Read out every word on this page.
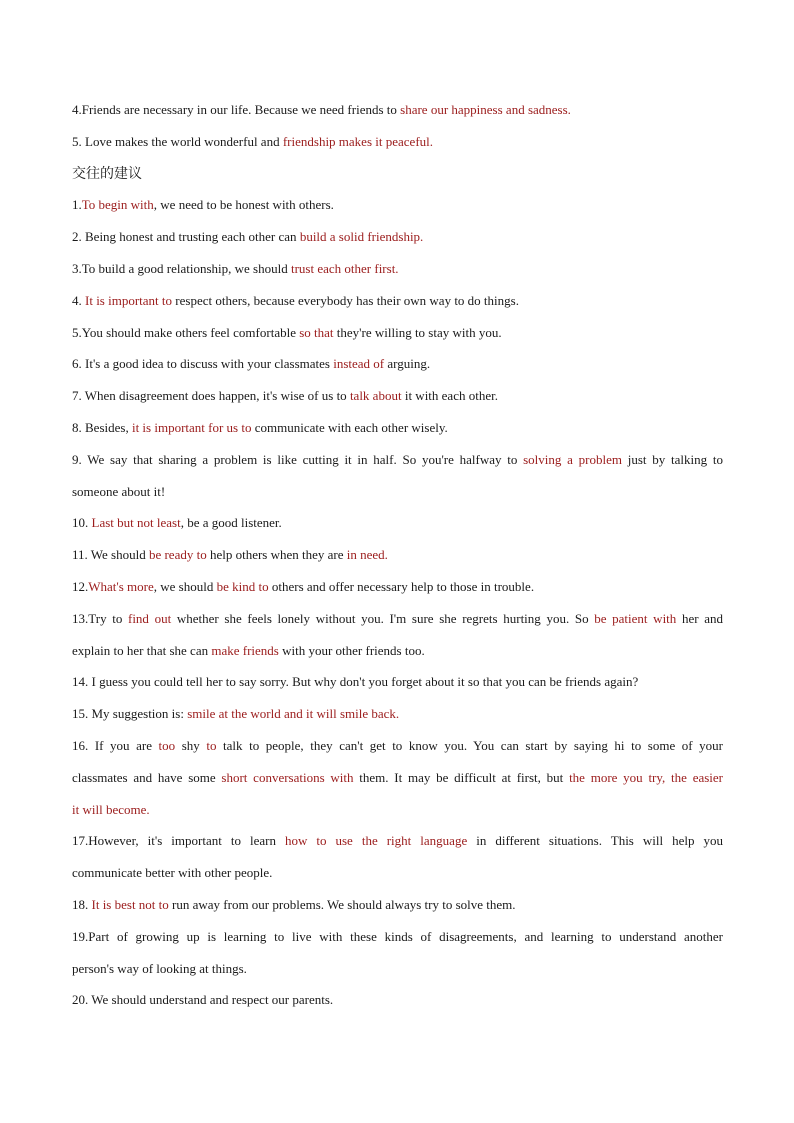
4.Friends are necessary in our life. Because we need friends to share our happiness and sadness.
5. Love makes the world wonderful and friendship makes it peaceful.
交往的建议
1.To begin with, we need to be honest with others.
2. Being honest and trusting each other can build a solid friendship.
3.To build a good relationship, we should trust each other first.
4. It is important to respect others, because everybody has their own way to do things.
5.You should make others feel comfortable so that they're willing to stay with you.
6. It's a good idea to discuss with your classmates instead of arguing.
7. When disagreement does happen, it's wise of us to talk about it with each other.
8. Besides, it is important for us to communicate with each other wisely.
9. We say that sharing a problem is like cutting it in half. So you're halfway to solving a problem just by talking to
someone about it!
10. Last but not least, be a good listener.
11. We should be ready to help others when they are in need.
12.What's more, we should be kind to others and offer necessary help to those in trouble.
13.Try to find out whether she feels lonely without you. I'm sure she regrets hurting you. So be patient with her and
explain to her that she can make friends with your other friends too.
14. I guess you could tell her to say sorry. But why don't you forget about it so that you can be friends again?
15. My suggestion is: smile at the world and it will smile back.
16. If you are too shy to talk to people, they can't get to know you. You can start by saying hi to some of your
classmates and have some short conversations with them. It may be difficult at first, but the more you try, the easier
it will become.
17.However, it's important to learn how to use the right language in different situations. This will help you
communicate better with other people.
18. It is best not to run away from our problems. We should always try to solve them.
19.Part of growing up is learning to live with these kinds of disagreements, and learning to understand another
person's way of looking at things.
20. We should understand and respect our parents.
